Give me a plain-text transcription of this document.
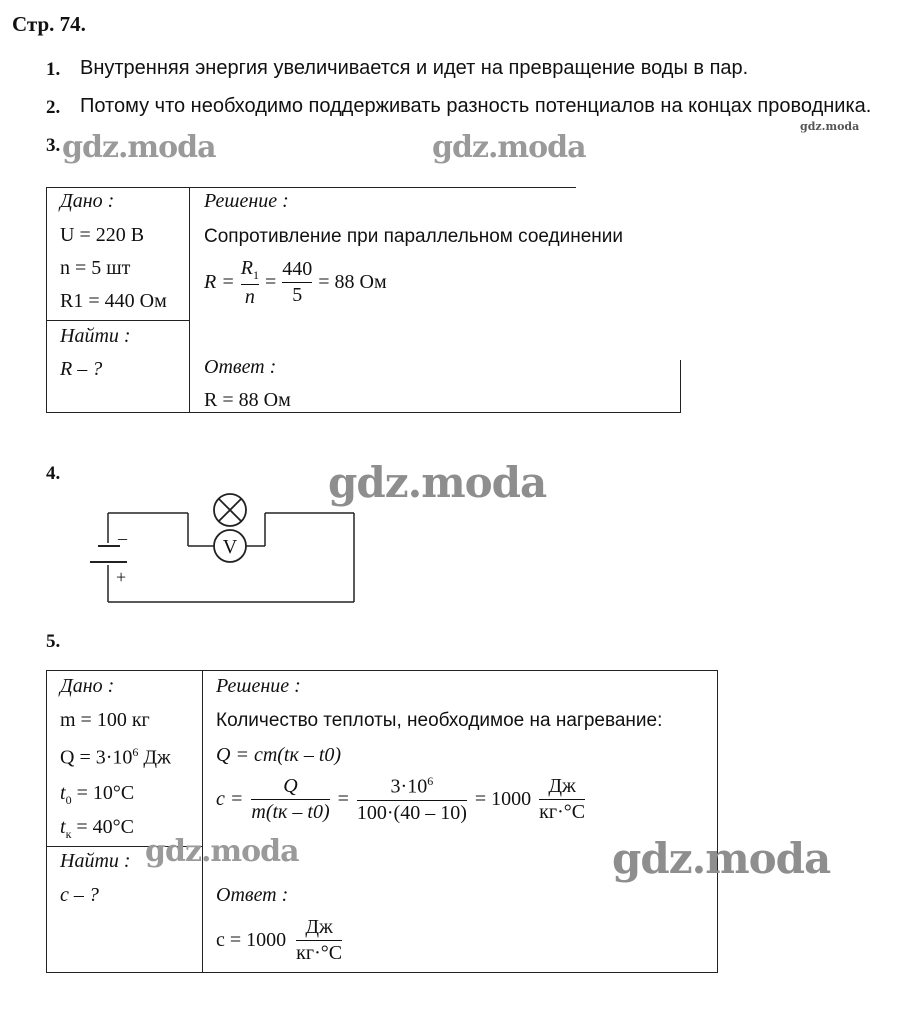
Стр. 74.
1. Внутренняя энергия увеличивается и идет на превращение воды в пар.
2. Потому что необходимо поддерживать разность потенциалов на концах проводника.
gdz.moda
3. gdz.moda	gdz.moda
Дано :
U = 220 В
n = 5 шт
R1 = 440 Ом
Найти :
R – ?
Решение :
Сопротивление при параллельном соединении
$R = \frac{R_1}{n} = \frac{440}{5} = 88$ Ом
Ответ :
R = 88 Ом
4.	gdz.moda
V
–
+
5.
Дано :
m = 100 кг
$Q = 3\cdot 10^6$ Дж
$t_0 = 10^\circ С$
$t_к = 40^\circ С$
Найти : gdz.moda
c – ?
Решение :
Количество теплоты, необходимое на нагревание:
Q = cm(tк – t0)
$c = \frac{Q}{m(tк - t0)} = \frac{3\cdot 10^6}{100\cdot(40 - 10)} = 1000 \frac{Дж}{кг\cdot^\circ С}$
Ответ :
$c = 1000 \frac{Дж}{кг\cdot^\circ С}$
gdz.moda
